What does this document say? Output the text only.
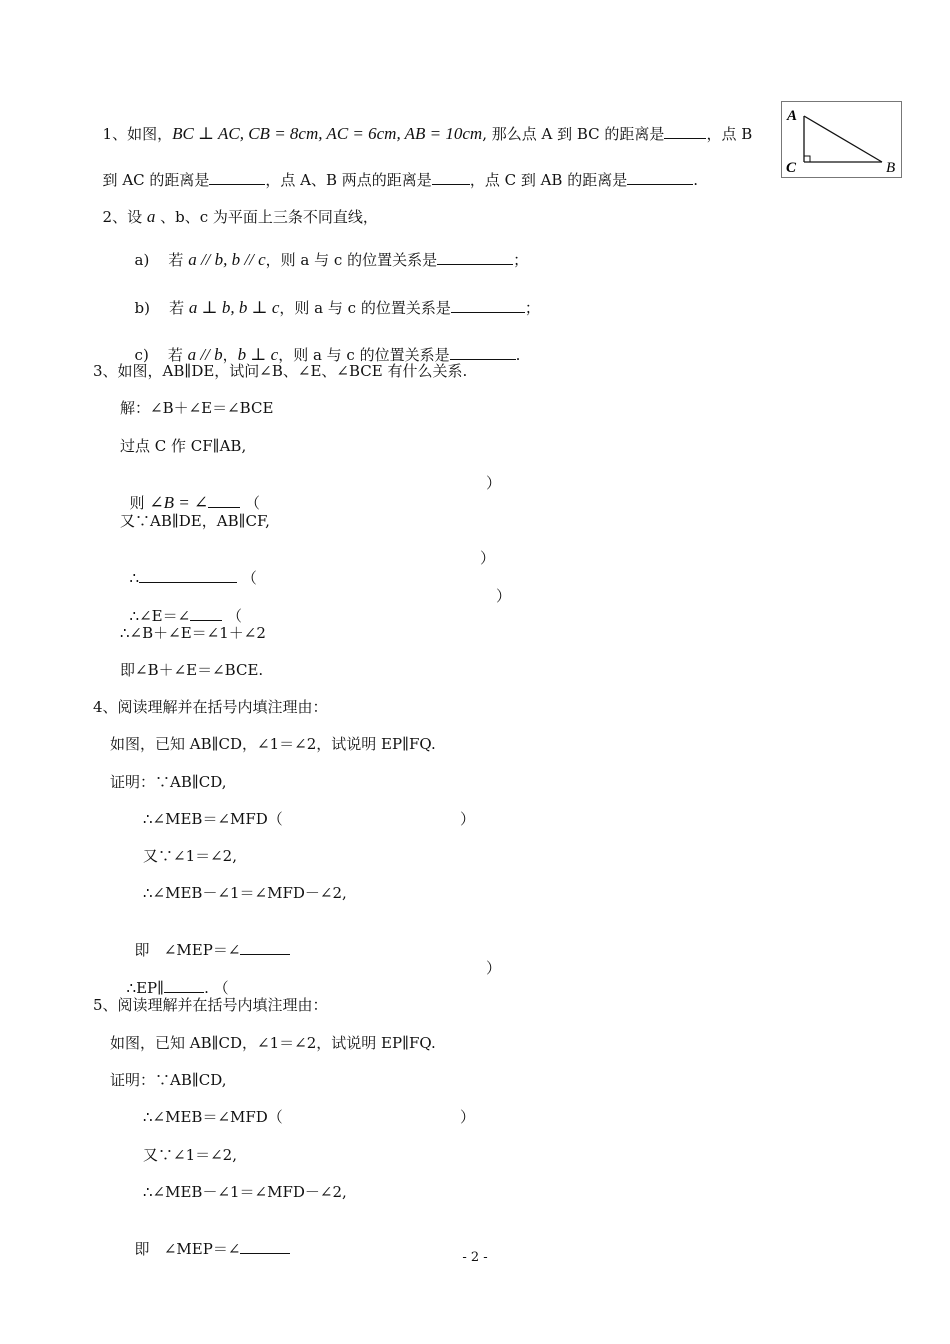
1、如图，BC ⊥ AC, CB = 8cm, AC = 6cm, AB = 10cm, 那么点 A 到 BC 的距离是	，点 B

到 AC 的距离是	，点 A、B 两点的距离是	，点 C 到 AB 的距离是	.

A
C	B

2、设 a 、b、c 为平面上三条不同直线，

a) 若 a // b, b // c，则 a 与 c 的位置关系是	；

b) 若 a ⊥ b, b ⊥ c，则 a 与 c 的位置关系是	；

c) 若 a // b，b ⊥ c，则 a 与 c 的位置关系是	.

3、如图，AB∥DE，试问∠B、∠E、∠BCE 有什么关系.
解：∠B＋∠E＝∠BCE
过点 C 作 CF∥AB,

则 ∠B = ∠ （

）
又∵AB∥DE，AB∥CF,

∴	（

）

∴∠E＝∠ （

）
∴∠B＋∠E＝∠1＋∠2
即∠B＋∠E＝∠BCE.
4、阅读理解并在括号内填注理由：
如图，已知 AB∥CD，∠1＝∠2，试说明 EP∥FQ.
证明：∵AB∥CD,
∴∠MEB＝∠MFD（	）
又∵∠1＝∠2,
∴∠MEB－∠1＝∠MFD－∠2,

即   ∠MEP＝∠

∴EP∥	. （

）
5、阅读理解并在括号内填注理由：
如图，已知 AB∥CD，∠1＝∠2，试说明 EP∥FQ.
证明：∵AB∥CD,
∴∠MEB＝∠MFD（	）
又∵∠1＝∠2,
∴∠MEB－∠1＝∠MFD－∠2,

即   ∠MEP＝∠	- 2 -
